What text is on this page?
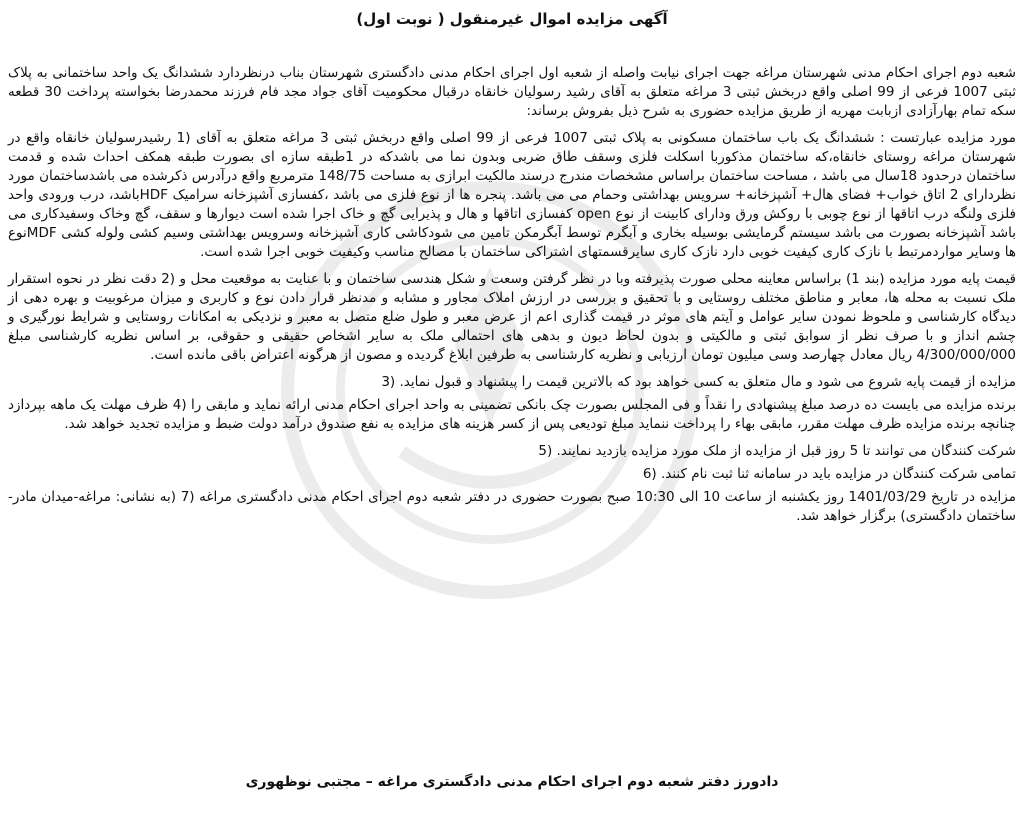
آگهی مزایده اموال غیرمنقول ( نوبت اول)

شعبه دوم اجرای احکام مدنی شهرستان مراغه جهت اجرای نیابت واصله از شعبه اول اجرای احکام مدنی دادگستری شهرستان بناب درنظردارد ششدانگ یک واحد ساختمانی به پلاک ثبتی 1007 فرعی از 99 اصلی واقع دربخش ثبتی 3 مراغه متعلق به آقای رشید رسولیان خانقاه درقبال محکومیت آقای جواد مجد فام فرزند محمدرضا بخواسته پرداخت 30 قطعه سکه تمام بهارآزادی ازبابت مهریه از طریق مزایده حضوری به شرح ذیل بفروش برساند:

مورد مزایده عبارتست : ششدانگ یک باب ساختمان مسکونی به پلاک ثبتی 1007 فرعی از 99 اصلی واقع دربخش ثبتی 3 مراغه متعلق به آقای (1 رشیدرسولیان خانقاه واقع در شهرستان مراغه روستای خانقاه،که ساختمان مذکوربا اسکلت فلزی وسقف طاق ضربی وبدون نما می باشدکه در 1طبقه سازه ای بصورت طبقه همکف احداث شده و قدمت ساختمان درحدود 18سال می باشد ، مساحت ساختمان براساس مشخصات مندرج درسند مالکیت ابرازی به مساحت 148/75 مترمربع واقع درآدرس ذکرشده می باشدساختمان مورد نظردارای 2 اتاق خواب+ فضای هال+ آشپزخانه+ سرویس بهداشتی وحمام می می باشد. پنجره ها از نوع فلزی می باشد ،کفسازی آشپزخانه سرامیک HDFباشد، درب ورودی واحد فلزی ولنگه درب اتاقها از نوع چوبی با روکش ورق ودارای کابینت از نوع open کفسازی اتاقها و هال و پذیرایی گچ و خاک اجرا شده است دیوارها و سقف، گچ وخاک وسفیدکاری می باشد آشپزخانه بصورت می باشد سیستم گرمایشی بوسیله بخاری و آبگرم توسط آبگرمکن تامین می شودکاشی کاری آشپزخانه وسرویس بهداشتی وسیم کشی ولوله کشی MDFنوع ها وسایر مواردمرتبط با نازک کاری کیفیت خوبی دارد نازک کاری سایرقسمتهای اشتراکی ساختمان با مصالح مناسب وکیفیت خوبی اجرا شده است.

قیمت پایه مورد مزایده (بند 1) براساس معاینه محلی صورت پذیرفته وبا در نظر گرفتن وسعت و شکل هندسی ساختمان و با عنایت به موقعیت محل و (2 دقت نظر در نحوه استقرار ملک نسبت به محله ها، معابر و مناطق مختلف روستایی و با تحقیق و بررسی در ارزش املاک مجاور و مشابه و مدنظر قرار دادن نوع و کاربری و میزان مرغوبیت و بهره دهی از دیدگاه کارشناسی و ملحوظ نمودن سایر عوامل و آیتم های موثر در قیمت گذاری اعم از عرض معبر و طول ضلع متصل به معبر و نزدیکی به امکانات روستایی و شرایط نورگیری و چشم انداز و با صرف نظر از سوابق ثبتی و مالکیتی و بدون لحاظ دیون و بدهی های احتمالی ملک به سایر اشخاص حقیقی و حقوقی، بر اساس نظریه کارشناسی مبلغ 4/300/000/000 ریال معادل چهارصد وسی میلیون تومان ارزیابی و نظریه کارشناسی به طرفین ابلاغ گردیده و مصون از هرگونه اعتراض باقی مانده است.

مزایده از قیمت پایه شروع می شود و مال متعلق به کسی خواهد بود که بالاترین قیمت را پیشنهاد و قبول نماید. (3

برنده مزایده می بایست ده درصد مبلغ پیشنهادی را نقداً و فی المجلس بصورت چک بانکی تضمینی به واحد اجرای احکام مدنی ارائه نماید و مابقی را (4 ظرف مهلت یک ماهه بپردازد چنانچه برنده مزایده ظرف مهلت مقرر، مابقی بهاء را پرداخت ننماید مبلغ تودیعی پس از کسر هزینه های مزایده به نفع صندوق درآمد دولت ضبط و مزایده تجدید خواهد شد.

شرکت کنندگان می توانند تا 5 روز قبل از مزایده از ملک مورد مزایده بازدید نمایند. (5

تمامی شرکت کنندگان در مزایده باید در سامانه ثنا ثبت نام کنند. (6

مزایده در تاریخ 1401/03/29 روز یکشنبه از ساعت 10 الی 10:30 صبح بصورت حضوری در دفتر شعبه دوم اجرای احکام مدنی دادگستری مراغه (7 (به نشانی: مراغه-میدان مادر-ساختمان دادگستری) برگزار خواهد شد.

دادورز دفتر شعبه دوم اجرای احکام مدنی دادگستری مراغه – مجتبی نوظهوری
